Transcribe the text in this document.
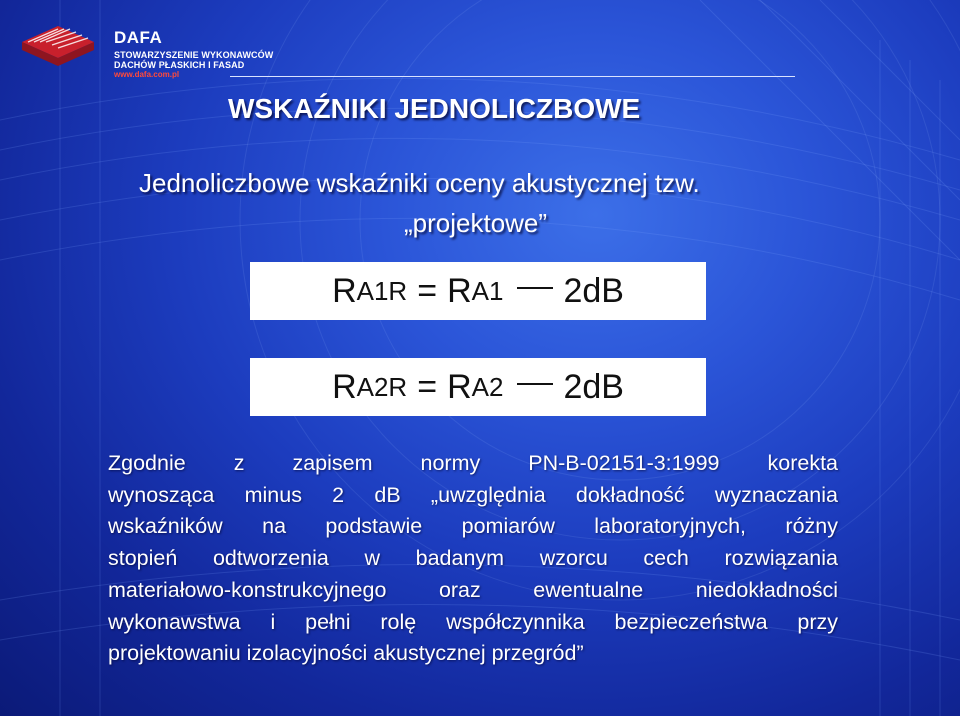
DAFA
STOWARZYSZENIE WYKONAWCÓW
DACHÓW PŁASKICH I FASAD
www.dafa.com.pl
WSKAŹNIKI JEDNOLICZBOWE
Jednoliczbowe wskaźniki oceny akustycznej tzw.
„projektowe”
R A1R = R A1 2dB
R A2R = R A2 2dB
Zgodnie z zapisem normy PN-B-02151-3:1999 korekta
wynosząca minus 2 dB „uwzględnia dokładność wyznaczania
wskaźników na podstawie pomiarów laboratoryjnych, różny
stopień odtworzenia w badanym wzorcu cech rozwiązania
materiałowo-konstrukcyjnego oraz ewentualne niedokładności
wykonawstwa i pełni rolę współczynnika bezpieczeństwa przy
projektowaniu izolacyjności akustycznej przegród”
